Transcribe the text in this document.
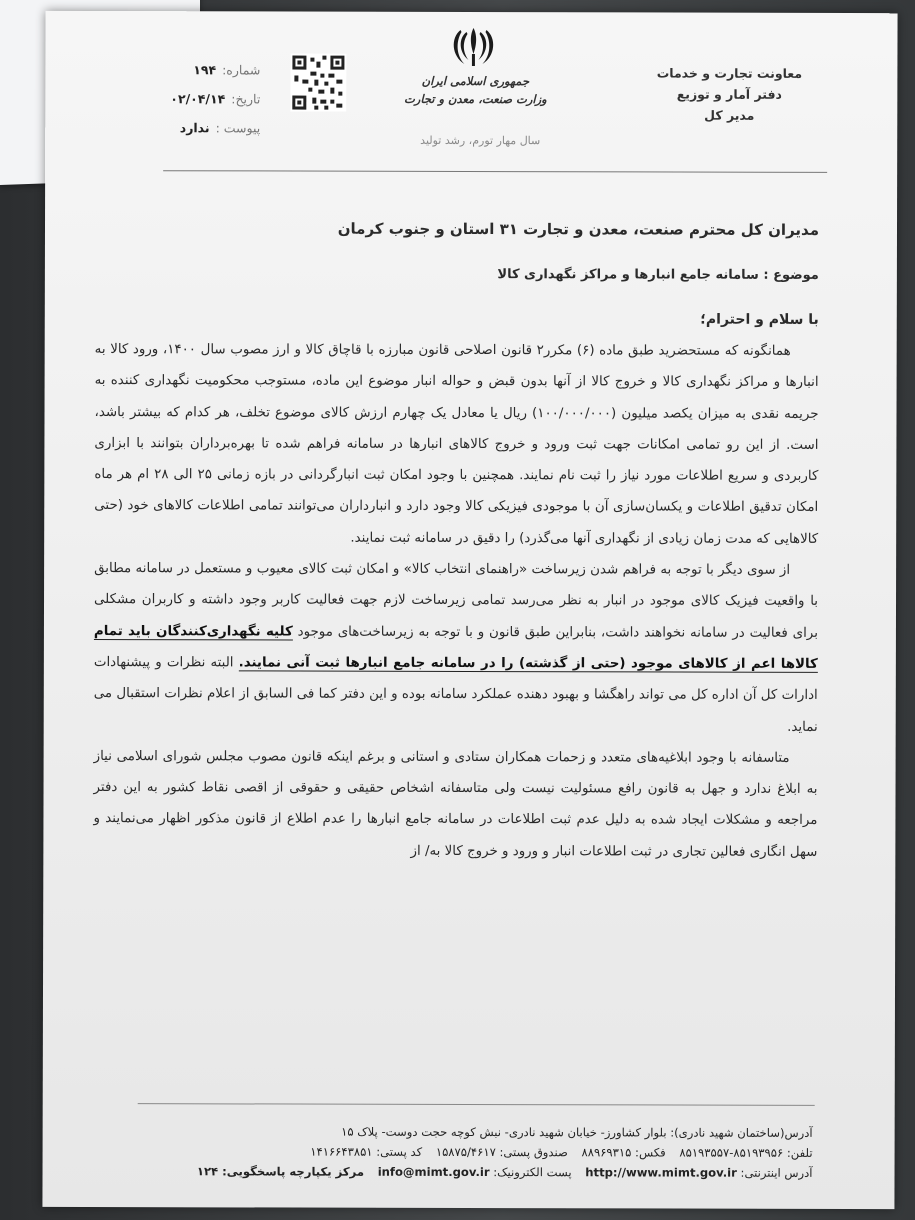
معاونت تجارت و خدمات
دفتر آمار و توزیع
مدیر کل
جمهوری اسلامی ایران
وزارت صنعت، معدن و تجارت
سال مهار تورم، رشد تولید
شماره:
۱۹۴
تاریخ:
۰۲/۰۴/۱۴
پیوست :
ندارد

مدیران کل محترم صنعت، معدن و تجارت ۳۱ استان و جنوب کرمان

موضوع : سامانه جامع انبارها و مراکز نگهداری کالا

با سلام و احترام؛

همانگونه که مستحضرید طبق ماده (۶) مکرر۲ قانون اصلاحی قانون مبارزه با قاچاق کالا و ارز مصوب سال ۱۴۰۰، ورود کالا به انبارها و مراکز نگهداری کالا و خروج کالا از آنها بدون قبض و حواله انبار موضوع این ماده، مستوجب محکومیت نگهداری کننده به جریمه نقدی به میزان یکصد میلیون (۱۰۰/۰۰۰/۰۰۰) ریال یا معادل یک چهارم ارزش کالای موضوع تخلف، هر کدام که بیشتر باشد، است. از این رو تمامی امکانات جهت ثبت ورود و خروج کالاهای انبارها در سامانه فراهم شده تا بهره‌برداران بتوانند با ابزاری کاربردی و سریع اطلاعات مورد نیاز را ثبت نام نمایند. همچنین با وجود امکان ثبت انبارگردانی در بازه زمانی ۲۵ الی ۲۸ ام هر ماه امکان تدقیق اطلاعات و یکسان‌سازی آن با موجودی فیزیکی کالا وجود دارد و انبارداران می‌توانند تمامی اطلاعات کالاهای خود (حتی کالاهایی که مدت زمان زیادی از نگهداری آنها می‌گذرد) را دقیق در سامانه ثبت نمایند.

از سوی دیگر با توجه به فراهم شدن زیرساخت «راهنمای انتخاب کالا» و امکان ثبت کالای معیوب و مستعمل در سامانه مطابق با واقعیت فیزیک کالای موجود در انبار به نظر می‌رسد تمامی زیرساخت لازم جهت فعالیت کاربر وجود داشته و کاربران مشکلی برای فعالیت در سامانه نخواهند داشت، بنابراین طبق قانون و با توجه به زیرساخت‌های موجود کلیه نگهداری‌کنندگان باید تمام کالاها اعم از کالاهای موجود (حتی از گذشته) را در سامانه جامع انبارها ثبت آنی نمایند. البته نظرات و پیشنهادات ادارات کل آن اداره کل می تواند راهگشا و بهبود دهنده عملکرد سامانه بوده و این دفتر کما فی السابق از اعلام نظرات استقبال می نماید.

متاسفانه با وجود ابلاغیه‌های متعدد و زحمات همکاران ستادی و استانی و برغم اینکه قانون مصوب مجلس شورای اسلامی نیاز به ابلاغ ندارد و جهل به قانون رافع مسئولیت نیست ولی متاسفانه اشخاص حقیقی و حقوقی از اقصی نقاط کشور به این دفتر مراجعه و مشکلات ایجاد شده به دلیل عدم ثبت اطلاعات در سامانه جامع انبارها را عدم اطلاع از قانون مذکور اظهار می‌نمایند و سهل انگاری فعالین تجاری در ثبت اطلاعات انبار و ورود و خروج کالا به/ از

آدرس(ساختمان شهید نادری): بلوار کشاورز- خیابان شهید نادری- نبش کوچه حجت دوست- پلاک ۱۵
تلفن: ۸۵۱۹۳۹۵۶-۸۵۱۹۳۵۵۷ فکس: ۸۸۹۶۹۳۱۵ صندوق پستی: ۱۵۸۷۵/۴۶۱۷ کد پستی: ۱۴۱۶۶۴۳۸۵۱
آدرس اینترنتی: http://www.mimt.gov.ir پست الکترونیک: info@mimt.gov.ir مرکز یکپارچه پاسخگویی: ۱۲۴
